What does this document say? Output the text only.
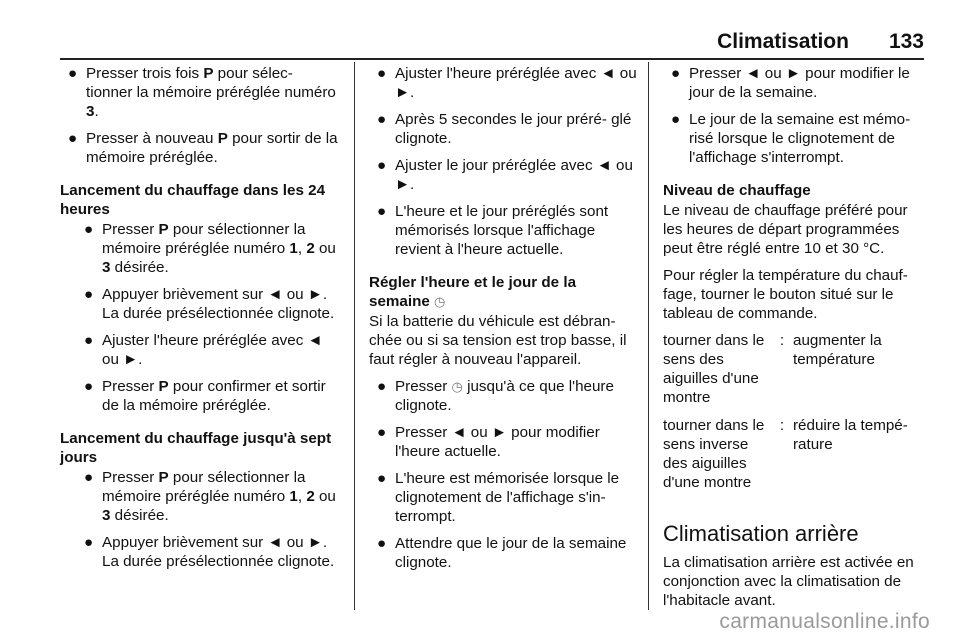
Climatisation 133
● Presser trois fois P pour sélec- tionner la mémoire préréglée numéro 3.
● Presser à nouveau P pour sortir de la mémoire préréglée.
Lancement du chauffage dans les 24 heures
● Presser P pour sélectionner la mémoire préréglée numéro 1, 2 ou 3 désirée.
● Appuyer brièvement sur ◄ ou ►. La durée présélectionnée clignote.
● Ajuster l'heure préréglée avec ◄ ou ►.
● Presser P pour confirmer et sortir de la mémoire préréglée.
Lancement du chauffage jusqu'à sept jours
● Presser P pour sélectionner la mémoire préréglée numéro 1, 2 ou 3 désirée.
● Appuyer brièvement sur ◄ ou ►. La durée présélectionnée clignote.
● Ajuster l'heure préréglée avec ◄ ou ►.
● Après 5 secondes le jour préré- glé clignote.
● Ajuster le jour préréglée avec ◄ ou ►.
● L'heure et le jour préréglés sont mémorisés lorsque l'affichage revient à l'heure actuelle.
Régler l'heure et le jour de la semaine ◷
Si la batterie du véhicule est débran- chée ou si sa tension est trop basse, il faut régler à nouveau l'appareil.
● Presser ◷ jusqu'à ce que l'heure clignote.
● Presser ◄ ou ► pour modifier l'heure actuelle.
● L'heure est mémorisée lorsque le clignotement de l'affichage s'in- terrompt.
● Attendre que le jour de la semaine clignote.
● Presser ◄ ou ► pour modifier le jour de la semaine.
● Le jour de la semaine est mémo- risé lorsque le clignotement de l'affichage s'interrompt.
Niveau de chauffage
Le niveau de chauffage préféré pour les heures de départ programmées peut être réglé entre 10 et 30 °C.
Pour régler la température du chauf- fage, tourner le bouton situé sur le tableau de commande.
tourner dans le sens des aiguilles d'une montre	:	augmenter la température
tourner dans le sens inverse des aiguilles d'une montre	:	réduire la tempé- rature
Climatisation arrière
La climatisation arrière est activée en conjonction avec la climatisation de l'habitacle avant.
carmanualsonline.info
